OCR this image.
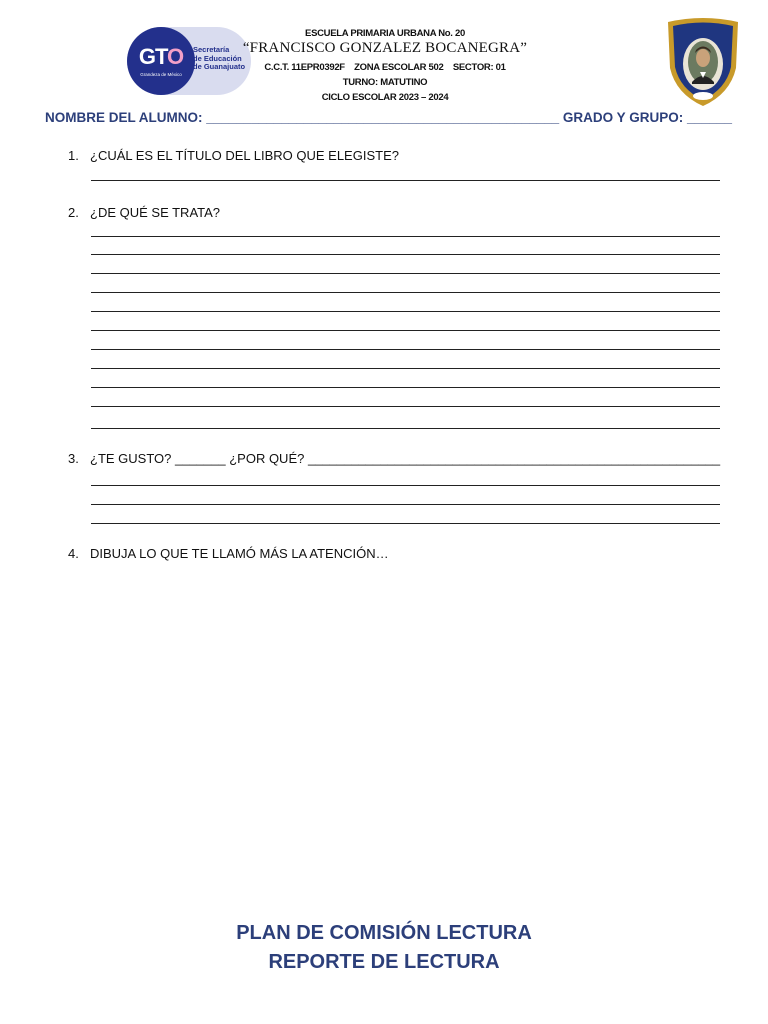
GTO
Grandeza de México
Secretaría
de Educación
de Guanajuato
ESCUELA PRIMARIA URBANA No. 20
“FRANCISCO GONZALEZ BOCANEGRA”
C.C.T. 11EPR0392F    ZONA ESCOLAR 502    SECTOR: 01
TURNO: MATUTINO
CICLO ESCOLAR 2023 – 2024
NOMBRE DEL ALUMNO: _______________________________________________ GRADO Y GRUPO: ______
1. ¿CUÁL ES EL TÍTULO DEL LIBRO QUE ELEGISTE?
2. ¿DE QUÉ SE TRATA?
3. ¿TE GUSTO? _______ ¿POR QUÉ? _________________________________________________________
4. DIBUJA LO QUE TE LLAMÓ MÁS LA ATENCIÓN…
PLAN DE COMISIÓN LECTURA
REPORTE DE LECTURA
